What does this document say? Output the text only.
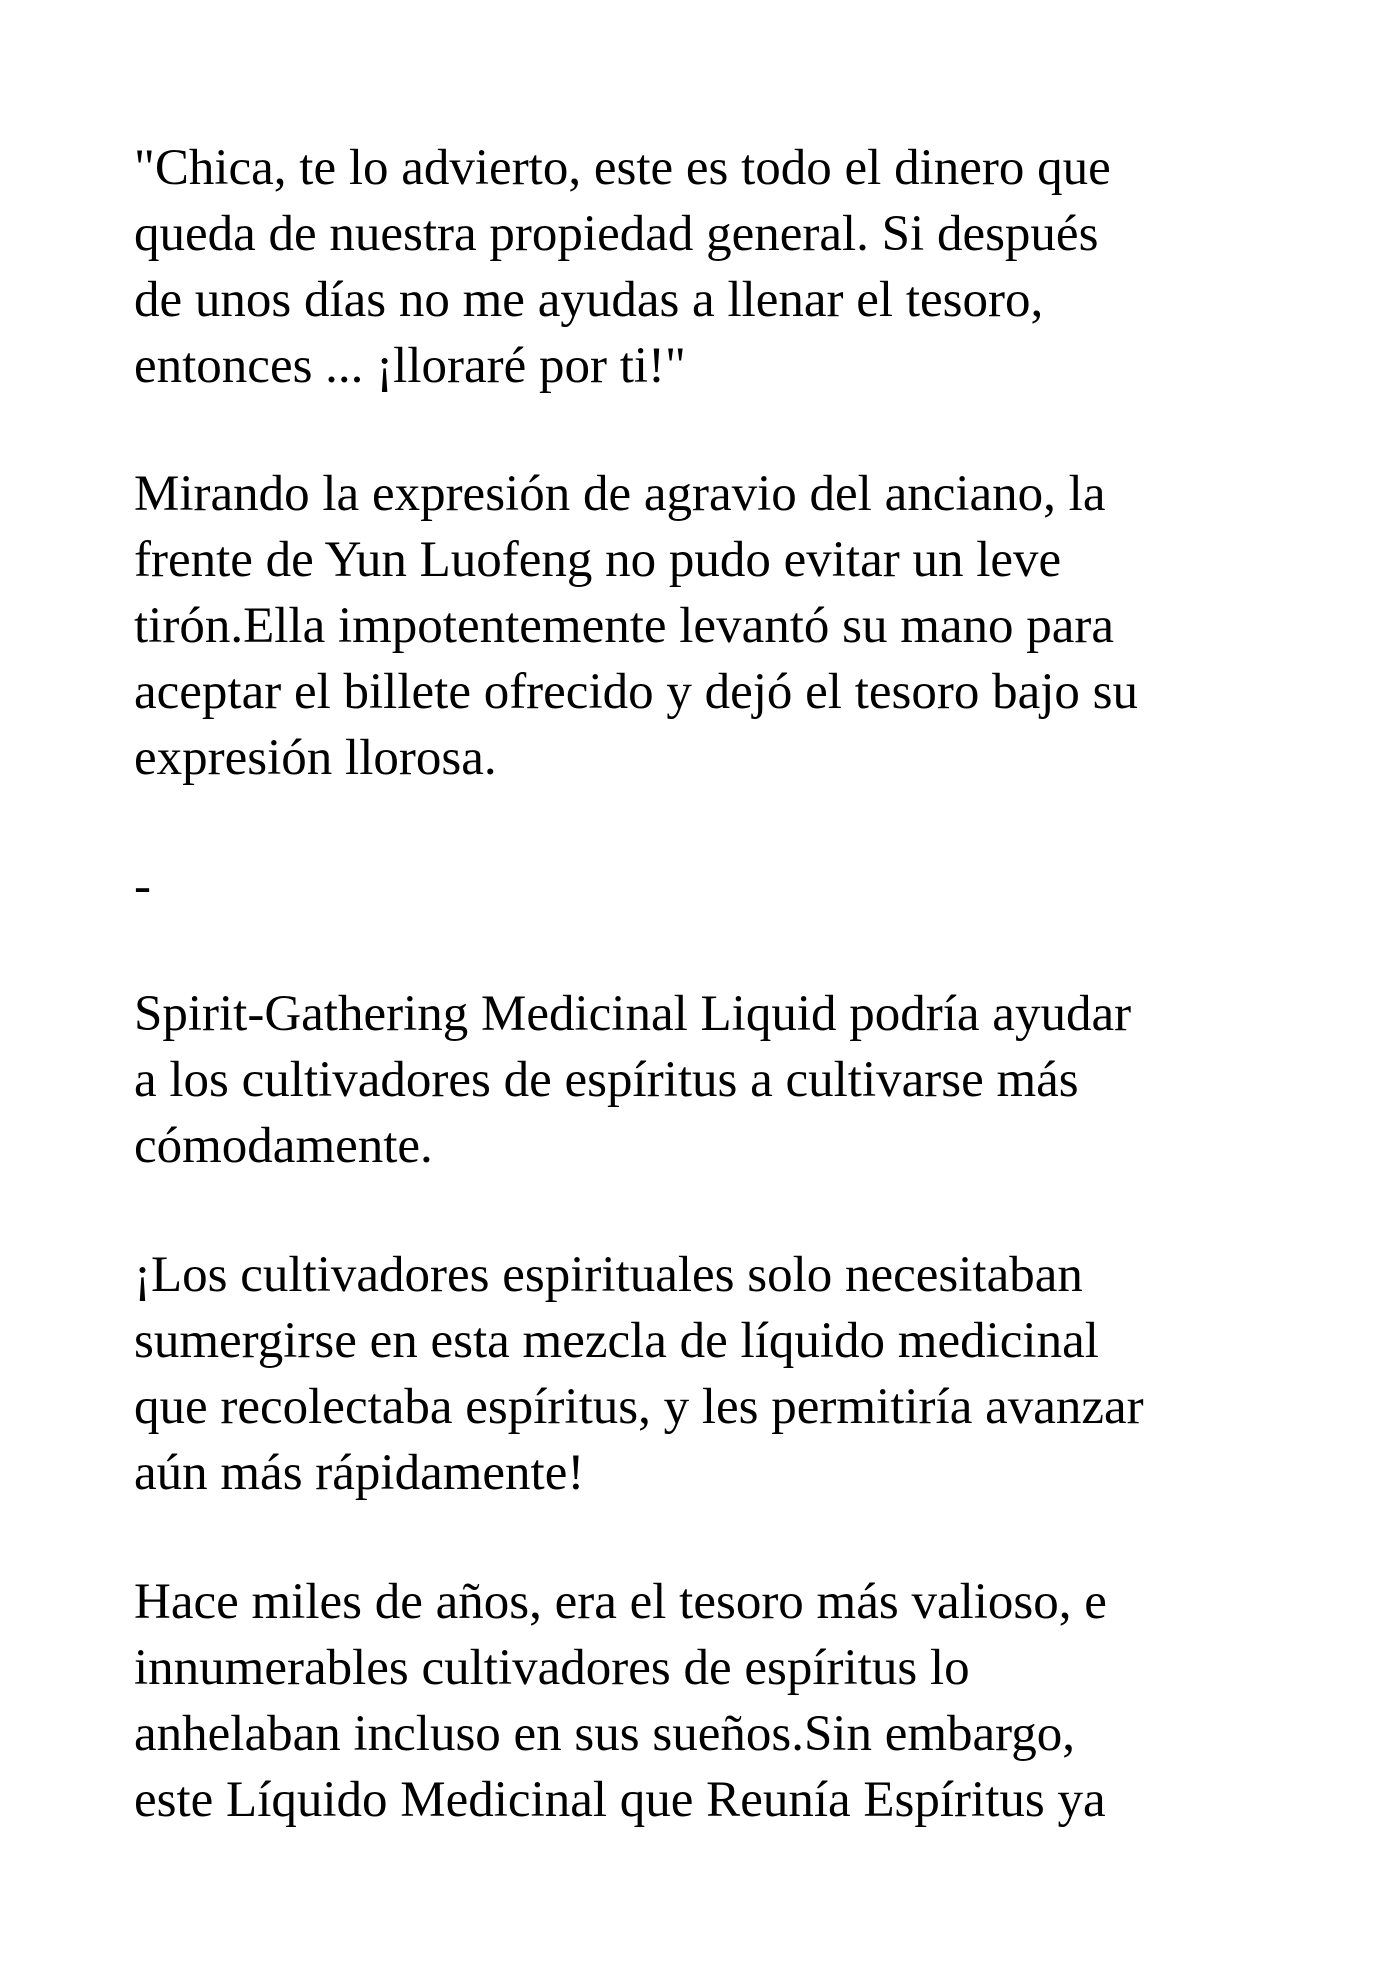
"Chica, te lo advierto, este es todo el dinero que
queda de nuestra propiedad general. Si después
de unos días no me ayudas a llenar el tesoro,
entonces ... ¡lloraré por ti!"

Mirando la expresión de agravio del anciano, la
frente de Yun Luofeng no pudo evitar un leve
tirón.Ella impotentemente levantó su mano para
aceptar el billete ofrecido y dejó el tesoro bajo su
expresión llorosa.

-

Spirit-Gathering Medicinal Liquid podría ayudar
a los cultivadores de espíritus a cultivarse más
cómodamente.

¡Los cultivadores espirituales solo necesitaban
sumergirse en esta mezcla de líquido medicinal
que recolectaba espíritus, y les permitiría avanzar
aún más rápidamente!

Hace miles de años, era el tesoro más valioso, e
innumerables cultivadores de espíritus lo
anhelaban incluso en sus sueños.Sin embargo,
este Líquido Medicinal que Reunía Espíritus ya
